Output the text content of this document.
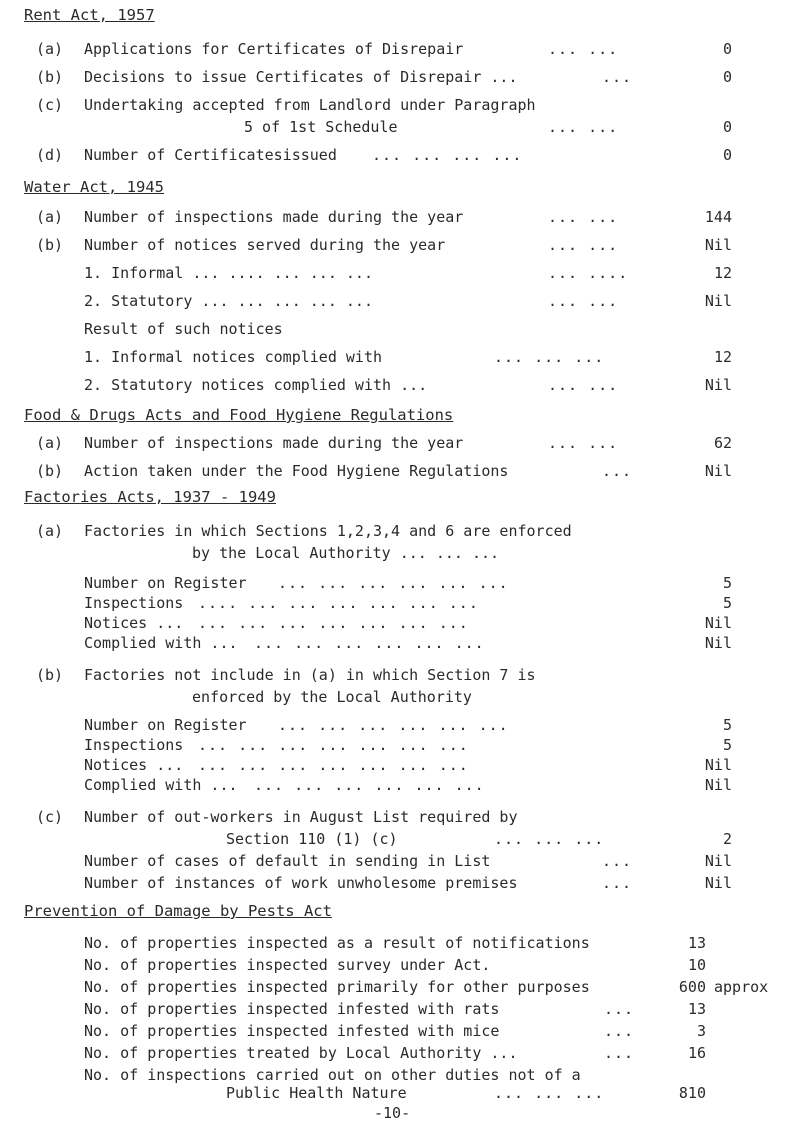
Rent Act, 1957
(a) Applications for Certificates of Disrepair	... ...	0
(b) Decisions to issue Certificates of Disrepair ...	...	0
(c) Undertaking accepted from Landlord under Paragraph
5 of 1st Schedule	... ...	0
(d) Number of Certificatesissued ... ... ... ...	0
Water Act, 1945
(a) Number of inspections made during the year	... ...	144
(b) Number of notices served during the year	... ...	Nil
1. Informal ... .... ... ... ...	... ....	12
2. Statutory ... ... ... ... ...	... ...	Nil
Result of such notices
1. Informal notices complied with	... ... ...	12
2. Statutory notices complied with ...	... ...	Nil
Food & Drugs Acts and Food Hygiene Regulations
(a) Number of inspections made during the year	... ...	62
(b) Action taken under the Food Hygiene Regulations	...	Nil
Factories Acts, 1937 - 1949
(a) Factories in which Sections 1,2,3,4 and 6 are enforced
by the Local Authority ... ... ...
Number on Register ... ... ... ... ... ...	5
Inspections .... ... ... ... ... ... ...	5
Notices ... ... ... ... ... ... ... ...	Nil
Complied with ... ... ... ... ... ... ...	Nil
(b) Factories not include in (a) in which Section 7 is
enforced by the Local Authority
Number on Register ... ... ... ... ... ...	5
Inspections ... ... ... ... ... ... ...	5
Notices ... ... ... ... ... ... ... ...	Nil
Complied with ... ... ... ... ... ... ...	Nil
(c) Number of out-workers in August List required by
Section 110 (1) (c)	... ... ...	2
Number of cases of default in sending in List	...	Nil
Number of instances of work unwholesome premises	...	Nil
Prevention of Damage by Pests Act
No. of properties inspected as a result of notifications	13
No. of properties inspected survey under Act.	10
No. of properties inspected primarily for other purposes	600 approx
No. of properties inspected infested with rats	...	13
No. of properties inspected infested with mice	...	3
No. of properties treated by Local Authority ...	...	16
No. of inspections carried out on other duties not of a
Public Health Nature	... ... ...	810
-10-
